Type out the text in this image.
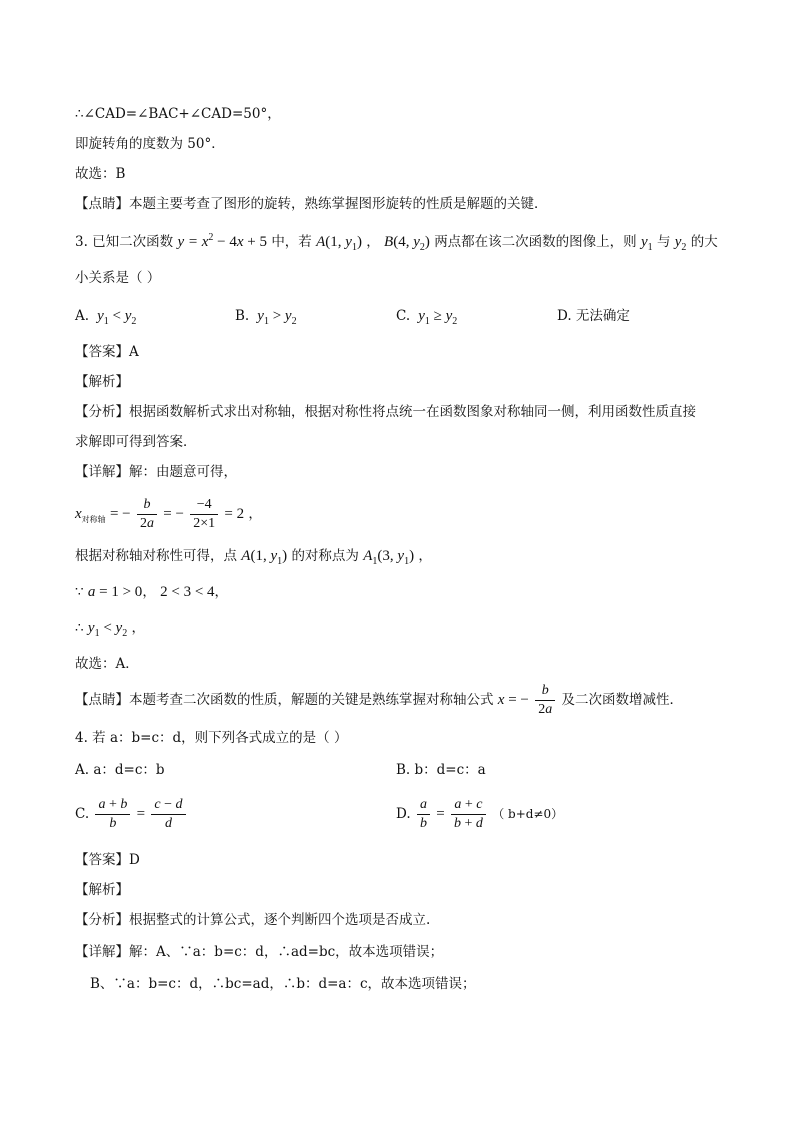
∴∠CAD=∠BAC+∠CAD=50°，
即旋转角的度数为 50°．
故选：B
【点睛】本题主要考查了图形的旋转，熟练掌握图形旋转的性质是解题的关键．
3. 已知二次函数 $y = x^2 - 4x + 5$ 中，若 A(1, $y_1$) ， B(4, $y_2$) 两点都在该二次函数的图像上，则 $y_1$ 与 $y_2$ 的大
小关系是（ ）
A.  $y_1 < y_2$	B.  $y_1 > y_2$	C.  $y_1 \ge y_2$	D. 无法确定
【答案】A
【解析】
【分析】根据函数解析式求出对称轴，根据对称性将点统一在函数图象对称轴同一侧，利用函数性质直接
求解即可得到答案．
【详解】解：由题意可得，
$x_{对称轴}$ = − $\frac{b}{2a}$ = − $\frac{-4}{2\times 1} = 2$ ，
根据对称轴对称性可得，点 A(1, $y_1$) 的对称点为 $A_1(3$, $y_1$) ，
∵ a = 1 > 0， 2 < 3 < 4，
∴ $y_1 < y_2$ ，
故选：A．
【点睛】本题考查二次函数的性质，解题的关键是熟练掌握对称轴公式 x = − $\frac{b}{2a}$ 及二次函数增减性．
4. 若 a：b=c：d，则下列各式成立的是（ ）
A. a：d=c：b	B. b：d=c：a
C. $\frac{a + b}{b} = \frac{c - d}{d}$	D. $\frac{a}{b} = \frac{a + c}{b + d}$ （ b+d≠0）
【答案】D
【解析】
【分析】根据整式的计算公式，逐个判断四个选项是否成立.
【详解】解：A、∵a：b=c：d，∴ad=bc，故本选项错误；
B、∵a：b=c：d，∴bc=ad，∴b：d=a：c，故本选项错误；
